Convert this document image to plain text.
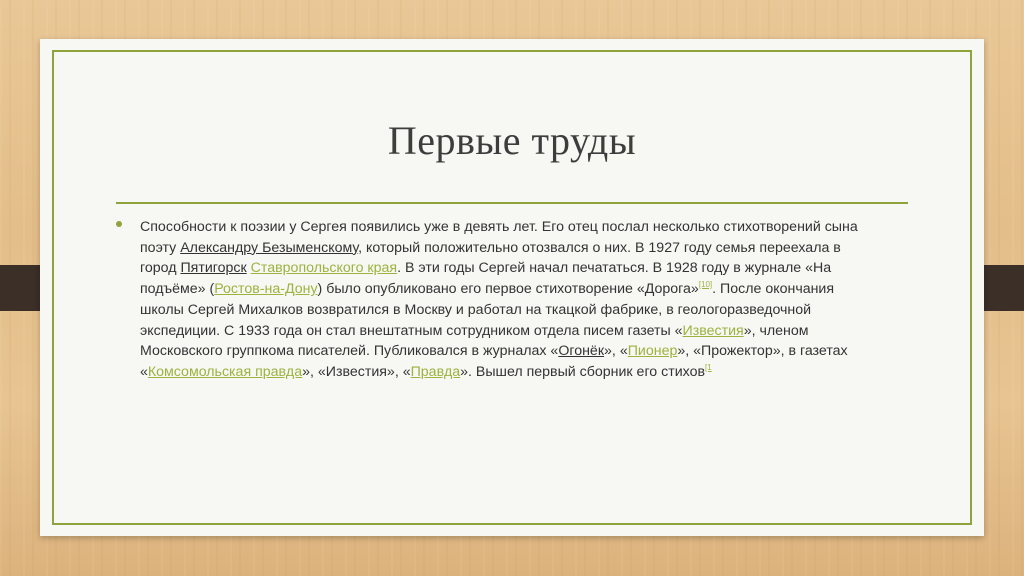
Первые труды
Способности к поэзии у Сергея появились уже в девять лет. Его отец послал несколько стихотворений сына поэту Александру Безыменскому, который положительно отозвался о них. В 1927 году семья переехала в город Пятигорск Ставропольского края. В эти годы Сергей начал печататься. В 1928 году в журнале «На подъёме» (Ростов-на-Дону) было опубликовано его первое стихотворение «Дорога»[10]. После окончания школы Сергей Михалков возвратился в Москву и работал на ткацкой фабрике, в геологоразведочной экспедиции. С 1933 года он стал внештатным сотрудником отдела писем газеты «Известия», членом Московского группкома писателей. Публиковался в журналах «Огонёк», «Пионер», «Прожектор», в газетах «Комсомольская правда», «Известия», «Правда». Вышел первый сборник его стихов$^{[1}$
